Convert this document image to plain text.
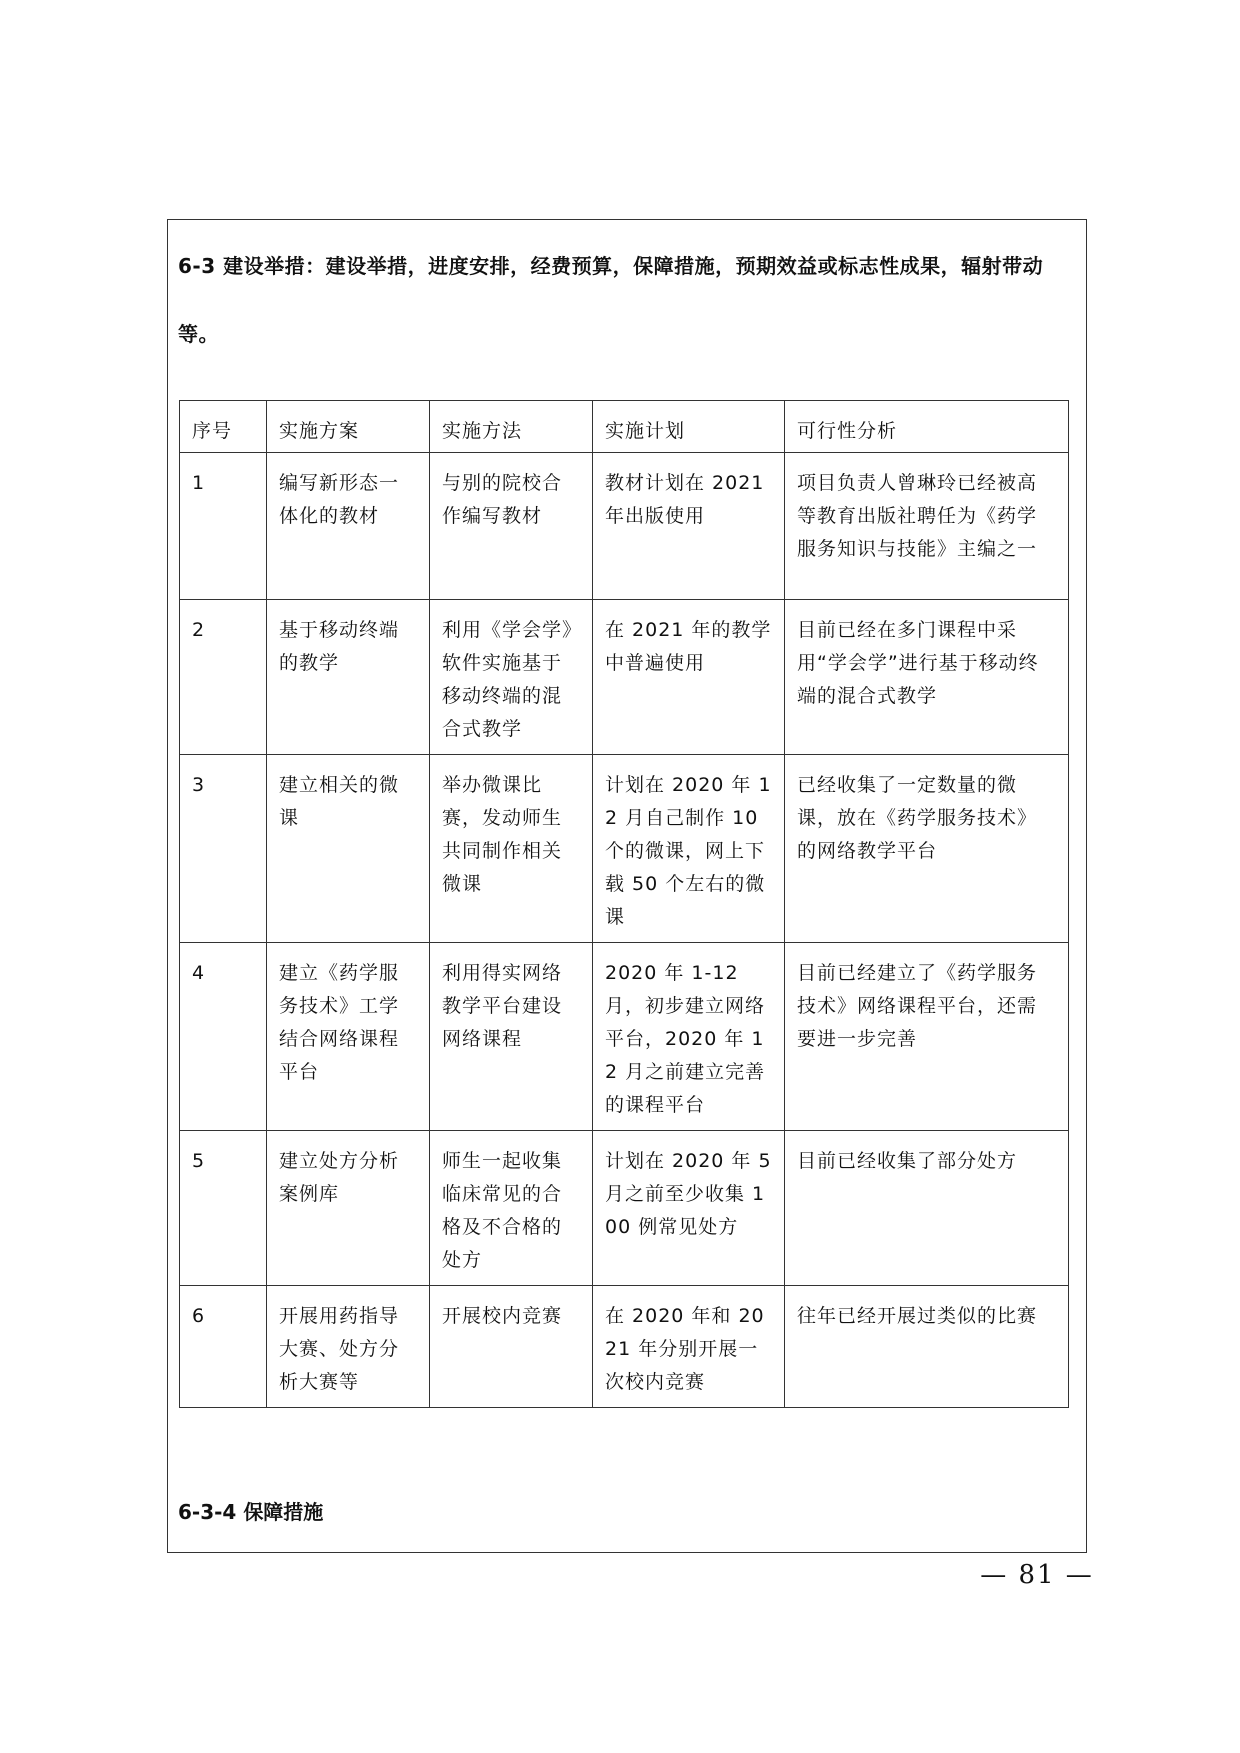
6-3 建设举措：建设举措，进度安排，经费预算，保障措施，预期效益或标志性成果，辐射带动等。

序号	实施方案	实施方法	实施计划	可行性分析
1	编写新形态一体化的教材	与别的院校合作编写教材	教材计划在 2021 年出版使用	项目负责人曾琳玲已经被高等教育出版社聘任为《药学服务知识与技能》主编之一
2	基于移动终端的教学	利用《学会学》软件实施基于移动终端的混合式教学	在 2021 年的教学中普遍使用	目前已经在多门课程中采用“学会学”进行基于移动终端的混合式教学
3	建立相关的微课	举办微课比赛，发动师生共同制作相关微课	计划在 2020 年 12 月自己制作 10 个的微课，网上下载 50 个左右的微课	已经收集了一定数量的微课，放在《药学服务技术》的网络教学平台
4	建立《药学服务技术》工学结合网络课程平台	利用得实网络教学平台建设网络课程	2020 年 1-12 月，初步建立网络平台，2020 年 12 月之前建立完善的课程平台	目前已经建立了《药学服务技术》网络课程平台，还需要进一步完善
5	建立处方分析案例库	师生一起收集临床常见的合格及不合格的处方	计划在 2020 年 5 月之前至少收集 100 例常见处方	目前已经收集了部分处方
6	开展用药指导大赛、处方分析大赛等	开展校内竞赛	在 2020 年和 2021 年分别开展一次校内竞赛	往年已经开展过类似的比赛

6-3-4 保障措施

— 81 —
